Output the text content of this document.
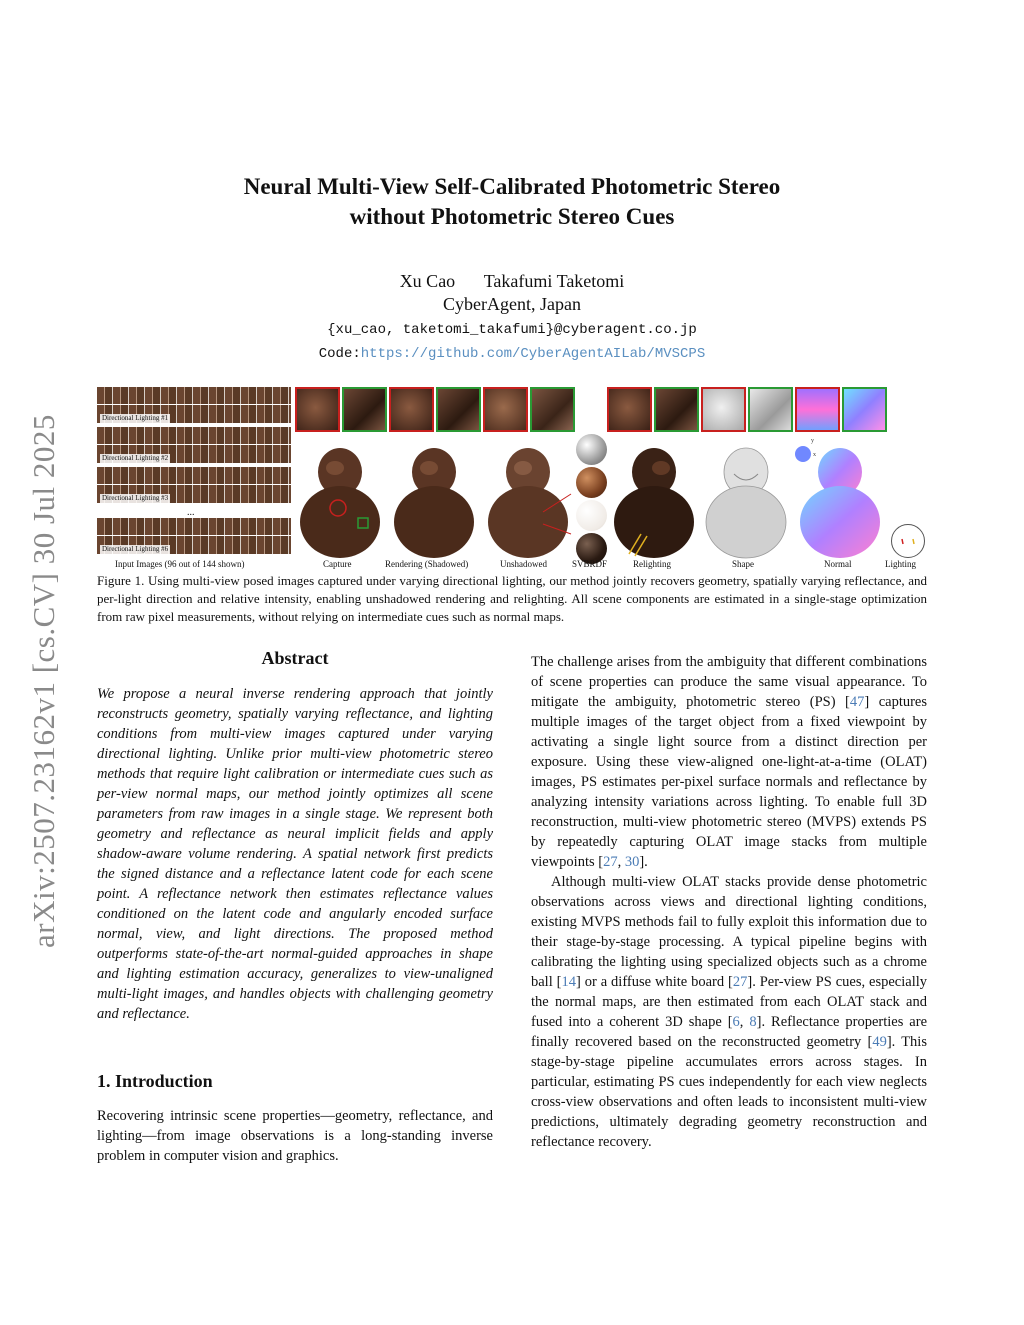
arXiv:2507.23162v1 [cs.CV] 30 Jul 2025
Neural Multi-View Self-Calibrated Photometric Stereo
without Photometric Stereo Cues
Xu Cao Takafumi Taketomi
CyberAgent, Japan
{xu_cao, taketomi_takafumi}@cyberagent.co.jp
Code:https://github.com/CyberAgentAILab/MVSCPS
Directional Lighting #1
Directional Lighting #2
Directional Lighting #3
...
Directional Lighting #6
y
x
Input Images (96 out of 144 shown)	Capture	Rendering (Shadowed)	Unshadowed	SVBRDF	Relighting	Shape	Normal	Lighting
Figure 1. Using multi-view posed images captured under varying directional lighting, our method jointly recovers geometry, spatially varying reflectance, and per-light direction and relative intensity, enabling unshadowed rendering and relighting. All scene components are estimated in a single-stage optimization from raw pixel measurements, without relying on intermediate cues such as normal maps.
Abstract

We propose a neural inverse rendering approach that jointly reconstructs geometry, spatially varying reflectance, and lighting conditions from multi-view images captured under varying directional lighting. Unlike prior multi-view photometric stereo methods that require light calibration or intermediate cues such as per-view normal maps, our method jointly optimizes all scene parameters from raw images in a single stage. We represent both geometry and reflectance as neural implicit fields and apply shadow-aware volume rendering. A spatial network first predicts the signed distance and a reflectance latent code for each scene point. A reflectance network then estimates reflectance values conditioned on the latent code and angularly encoded surface normal, view, and light directions. The proposed method outperforms state-of-the-art normal-guided approaches in shape and lighting estimation accuracy, generalizes to view-unaligned multi-light images, and handles objects with challenging geometry and reflectance.

1. Introduction

Recovering intrinsic scene properties—geometry, reflectance, and lighting—from image observations is a long-standing inverse problem in computer vision and graphics.

The challenge arises from the ambiguity that different combinations of scene properties can produce the same visual appearance. To mitigate the ambiguity, photometric stereo (PS) [47] captures multiple images of the target object from a fixed viewpoint by activating a single light source from a distinct direction per exposure. Using these view-aligned one-light-at-a-time (OLAT) images, PS estimates per-pixel surface normals and reflectance by analyzing intensity variations across lighting. To enable full 3D reconstruction, multi-view photometric stereo (MVPS) extends PS by repeatedly capturing OLAT image stacks from multiple viewpoints [27, 30].

Although multi-view OLAT stacks provide dense photometric observations across views and directional lighting conditions, existing MVPS methods fail to fully exploit this information due to their stage-by-stage processing. A typical pipeline begins with calibrating the lighting using specialized objects such as a chrome ball [14] or a diffuse white board [27]. Per-view PS cues, especially the normal maps, are then estimated from each OLAT stack and fused into a coherent 3D shape [6, 8]. Reflectance properties are finally recovered based on the reconstructed geometry [49]. This stage-by-stage pipeline accumulates errors across stages. In particular, estimating PS cues independently for each view neglects cross-view observations and often leads to inconsistent multi-view predictions, ultimately degrading geometry reconstruction and reflectance recovery.
